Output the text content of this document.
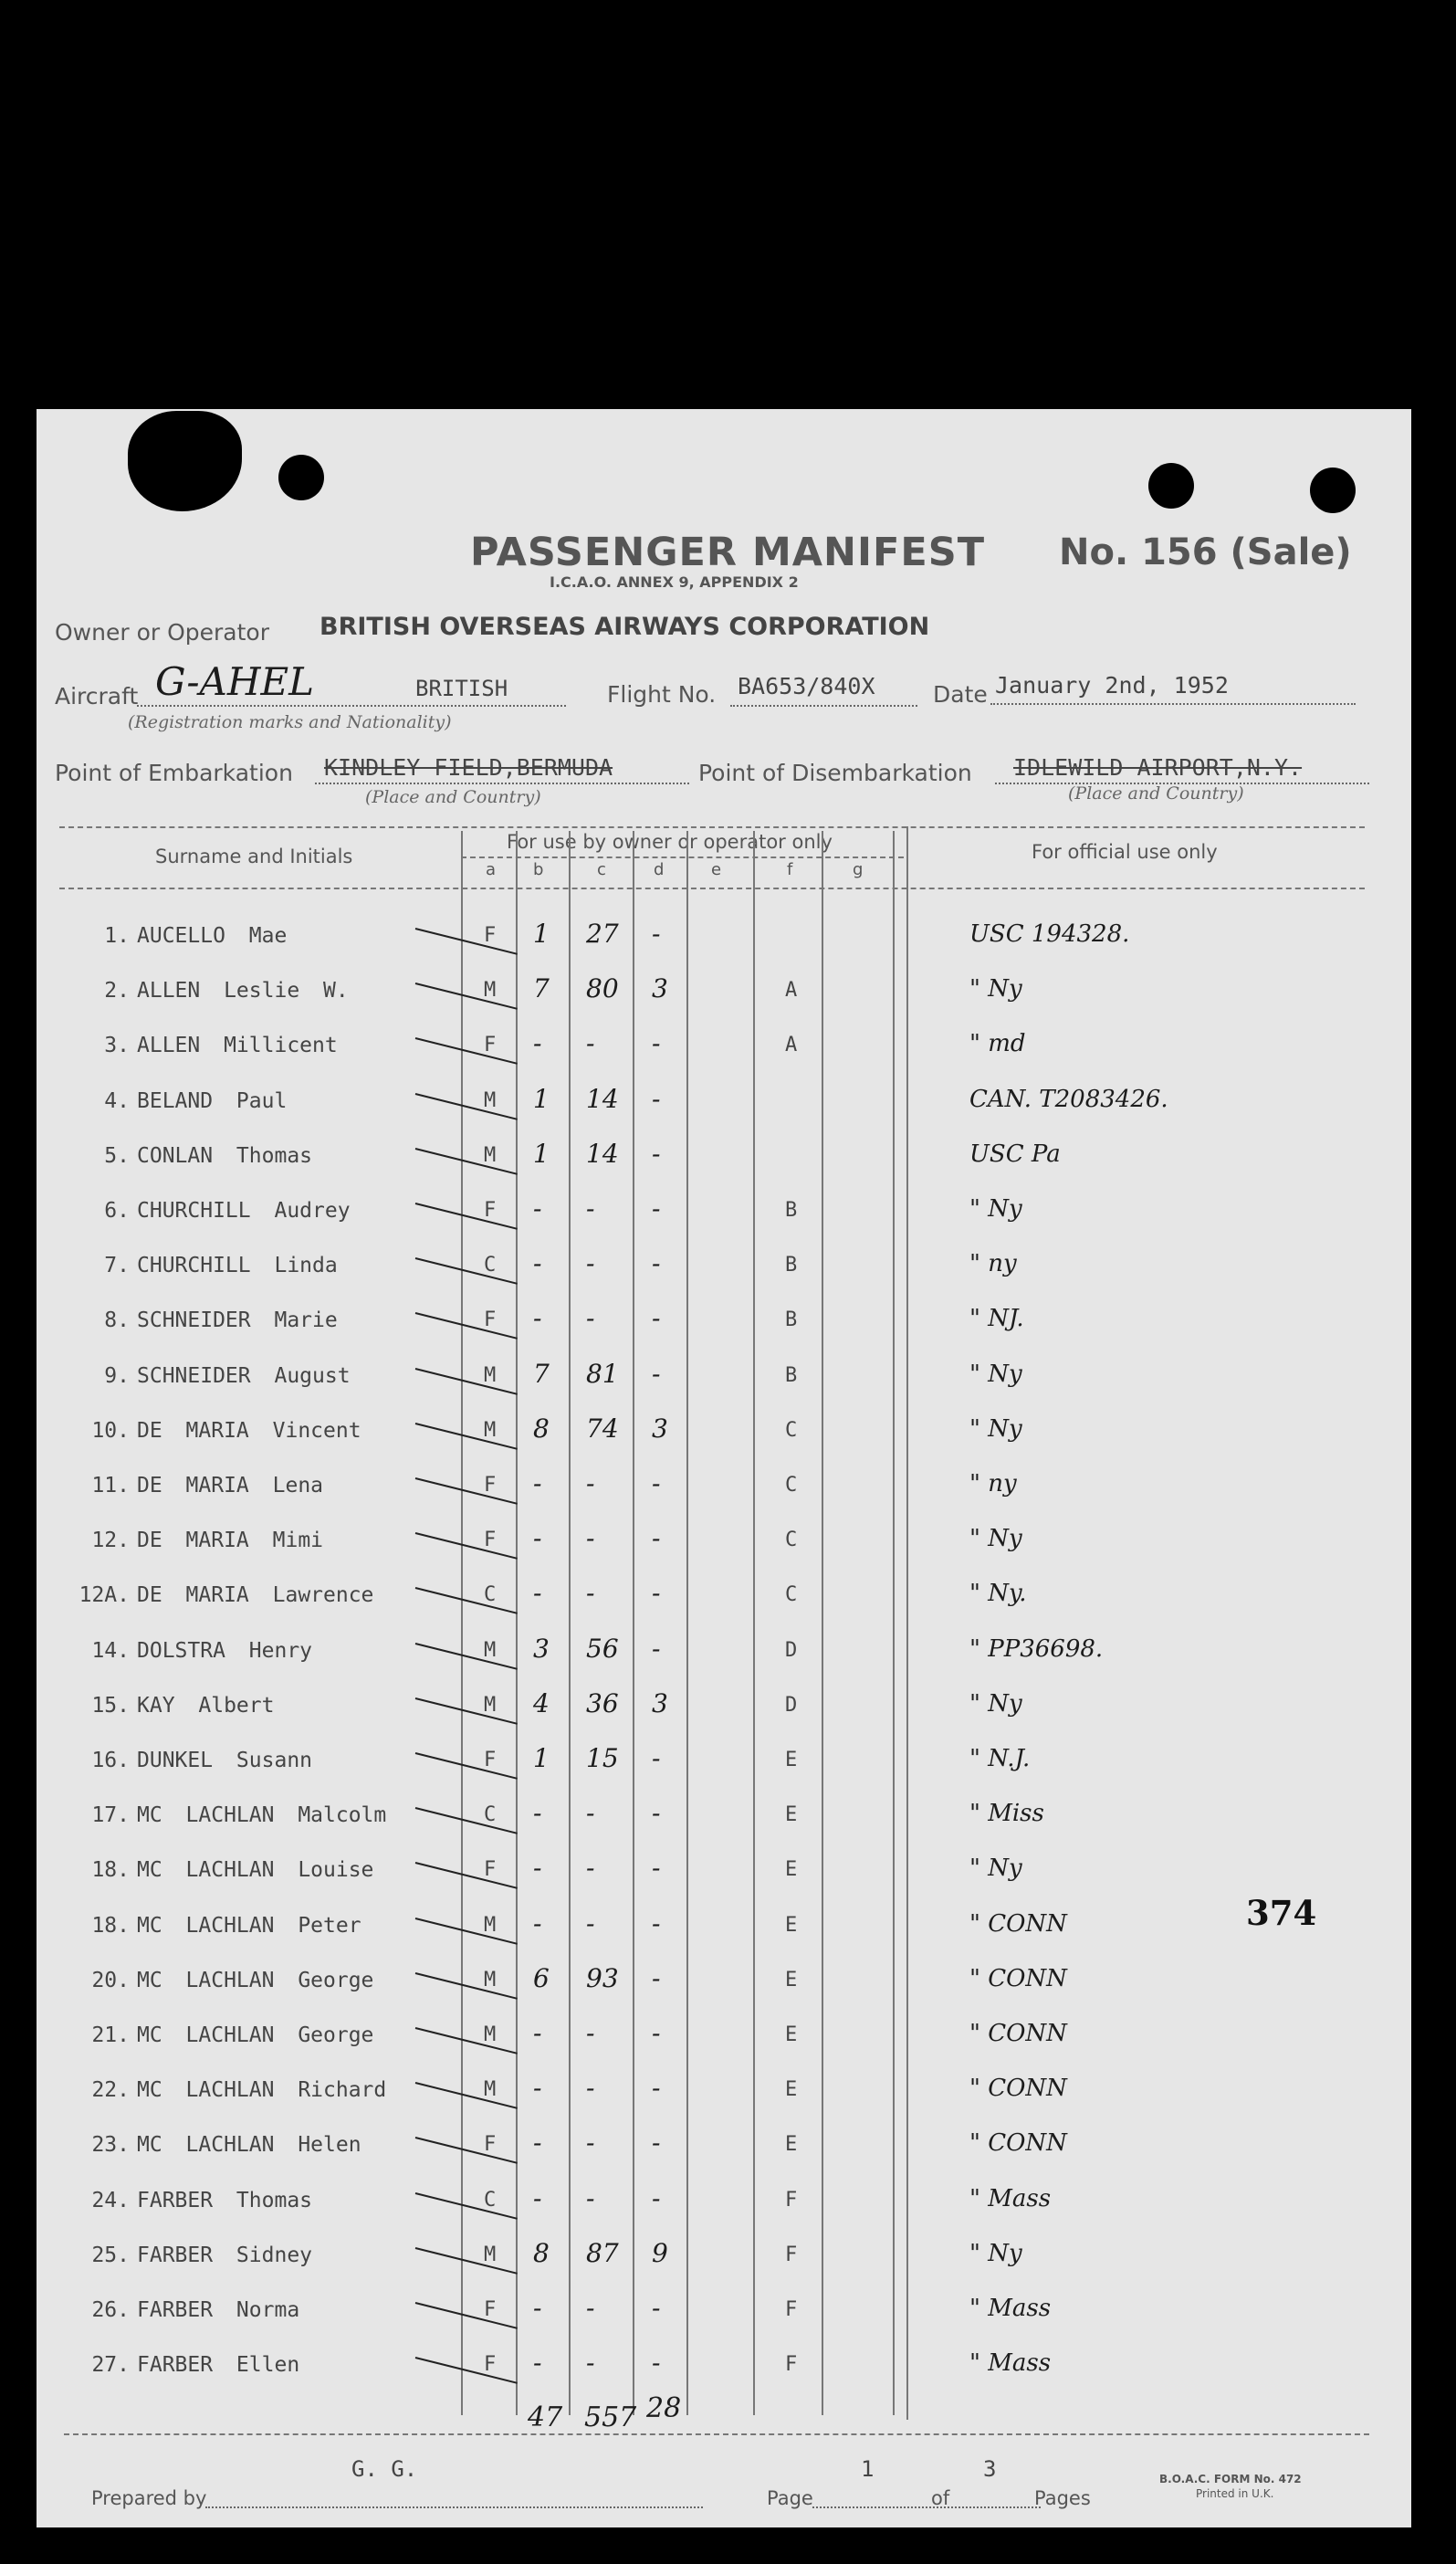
PASSENGER MANIFEST
I.C.A.O. ANNEX 9, APPENDIX 2
No. 156 (Sale)
Owner or Operator BRITISH OVERSEAS AIRWAYS CORPORATION
Aircraft G-AHEL	BRITISH
(Registration marks and Nationality)
Flight No. BA653/840X	Date January 2nd, 1952
Point of Embarkation KINDLEY FIELD,BERMUDA
(Place and Country)
Point of Disembarkation IDLEWILD AIRPORT,N.Y.
(Place and Country)
Surname and Initials
For use by owner or operator only	For official use only
a b	c	d	e	f	g
1. AUCELLO Mae	F 1 27 -	USC 194328.
2. ALLEN Leslie W.	M 7 80 3	A	" Ny
3. ALLEN Millicent	F - - -	A	" md
4. BELAND Paul	M 1 14 -	CAN. T2083426.
5. CONLAN Thomas	M 1 14 -	USC Pa
6. CHURCHILL Audrey	F - - -	B	" Ny
7. CHURCHILL Linda	C - - -	B	" ny
8. SCHNEIDER Marie	F - - -	B	" NJ.
9. SCHNEIDER August	M 7 81 -	B	" Ny
10. DE MARIA Vincent	M 8 74 3	C	" Ny
11. DE MARIA Lena	F - - -	C	" ny
12. DE MARIA Mimi	F - - -	C	" Ny
12A. DE MARIA Lawrence	C - - -	C	" Ny.
14. DOLSTRA Henry	M 3 56 -	D	" PP36698.
15. KAY Albert	M 4 36 3	D	" Ny
16. DUNKEL Susann	F 1 15 -	E	" N.J.
17. MC LACHLAN Malcolm	C - - -	E	" Miss
18. MC LACHLAN Louise	F - - -	E	" Ny
18. MC LACHLAN Peter	M - - -	E	" CONN
20. MC LACHLAN George	M 6 93 -	E	" CONN
21. MC LACHLAN George	M - - -	E	" CONN
22. MC LACHLAN Richard	M - - -	E	" CONN
23. MC LACHLAN Helen	F - - -	E	" CONN
24. FARBER Thomas	C - - -	F	" Mass
25. FARBER Sidney	M 8 87 9	F	" Ny
26. FARBER Norma	F - - -	F	" Mass
27. FARBER Ellen	F - - -	F	" Mass
374
47 557 28
G. G.
Prepared by	Page
1
of
3
Pages
B.O.A.C. FORM No. 472
Printed in U.K.
